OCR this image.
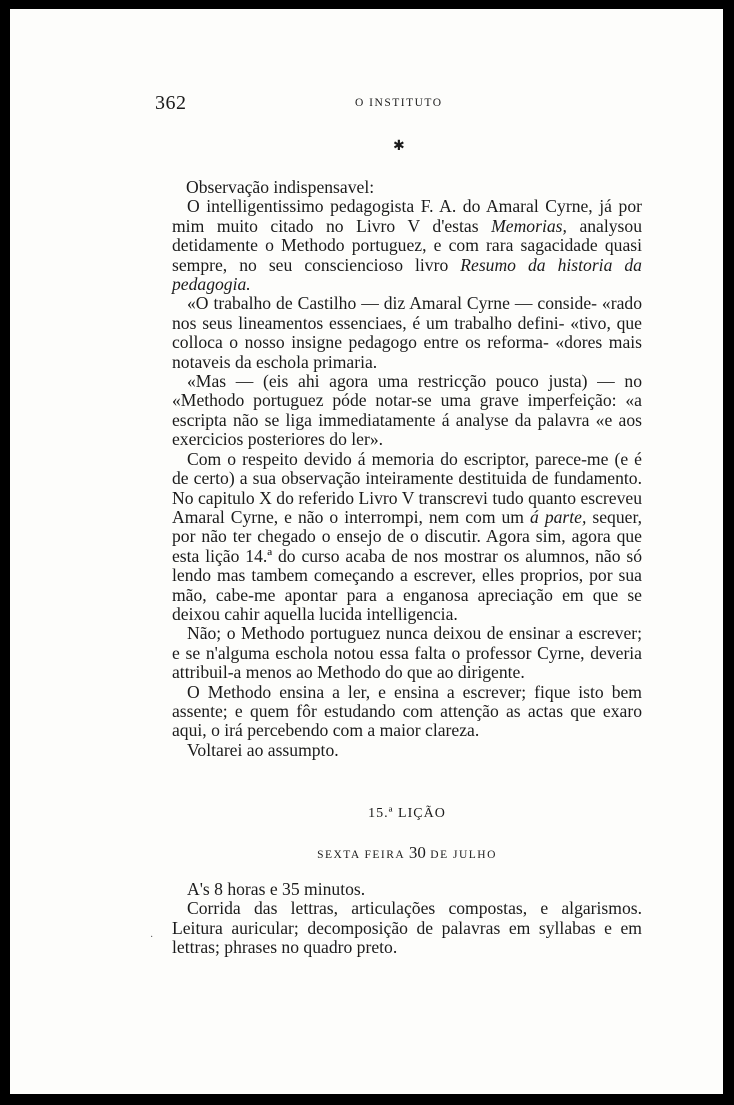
362	O INSTITUTO
✱

Observação indispensavel:

O intelligentissimo pedagogista F. A. do Amaral Cyrne, já por mim muito citado no Livro V d'estas Memorias, analysou detidamente o Methodo portuguez, e com rara sagacidade quasi sempre, no seu consciencioso livro Resumo da historia da pedagogia.

«O trabalho de Castilho — diz Amaral Cyrne — conside- «rado nos seus lineamentos essenciaes, é um trabalho defini- «tivo, que colloca o nosso insigne pedagogo entre os reforma- «dores mais notaveis da eschola primaria.

«Mas — (eis ahi agora uma restricção pouco justa) — no «Methodo portuguez póde notar-se uma grave imperfeição: «a escripta não se liga immediatamente á analyse da palavra «e aos exercicios posteriores do ler».

Com o respeito devido á memoria do escriptor, parece-me (e é de certo) a sua observação inteiramente destituida de fundamento. No capitulo X do referido Livro V transcrevi tudo quanto escreveu Amaral Cyrne, e não o interrompi, nem com um á parte, sequer, por não ter chegado o ensejo de o discutir. Agora sim, agora que esta lição 14.ª do curso acaba de nos mostrar os alumnos, não só lendo mas tambem começando a escrever, elles proprios, por sua mão, cabe-me apontar para a enganosa apreciação em que se deixou cahir aquella lucida intelligencia.

Não; o Methodo portuguez nunca deixou de ensinar a escrever; e se n'alguma eschola notou essa falta o professor Cyrne, deveria attribuil-a menos ao Methodo do que ao dirigente.

O Methodo ensina a ler, e ensina a escrever; fique isto bem assente; e quem fôr estudando com attenção as actas que exaro aqui, o irá percebendo com a maior clareza.

Voltarei ao assumpto.

15.ª LIÇÃO
SEXTA FEIRA 30 DE JULHO

A's 8 horas e 35 minutos.

Corrida das lettras, articulações compostas, e algarismos. Leitura auricular; decomposição de palavras em syllabas e em lettras; phrases no quadro preto.

·
